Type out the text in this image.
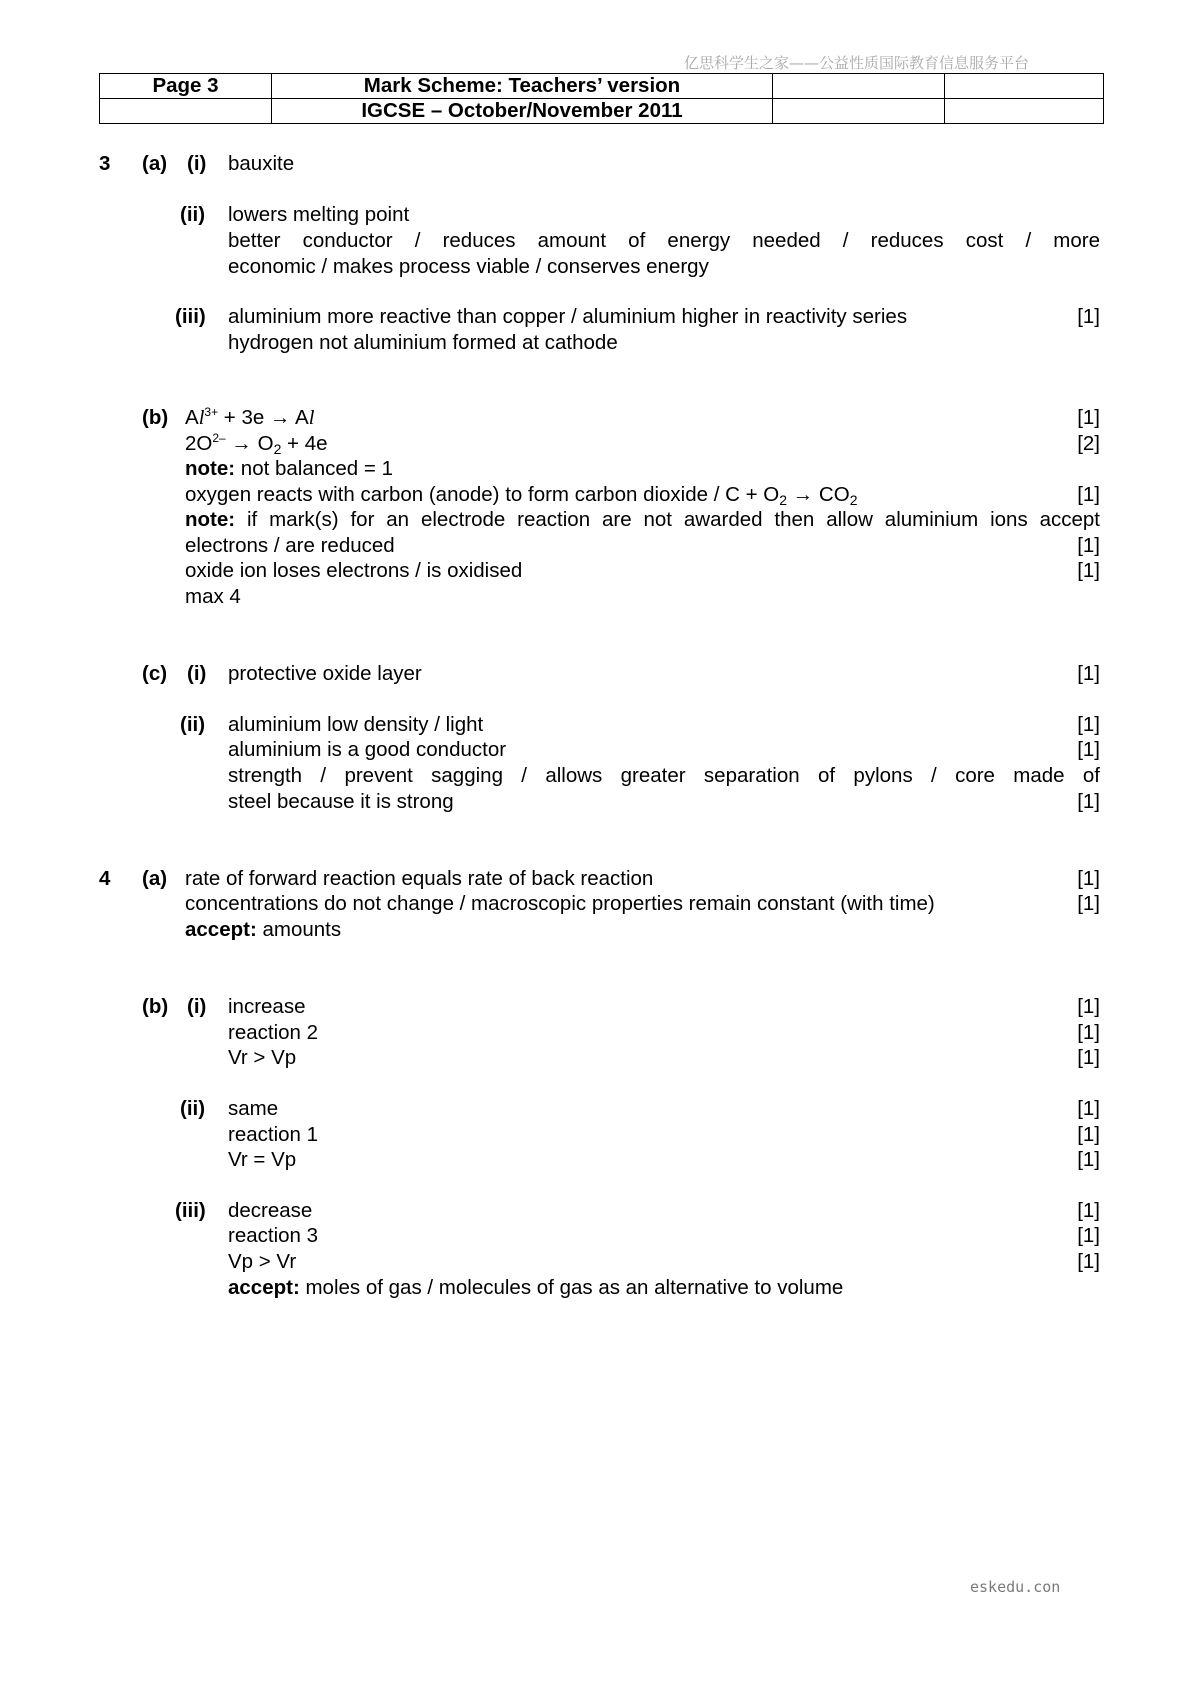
亿思科学生之家——公益性质国际教育信息服务平台
Page 3	Mark Scheme: Teachers’ version		
	IGCSE – October/November 2011		
3 (a) (i) bauxite
(ii) lowers melting point
better conductor / reduces amount of energy needed / reduces cost / more
economic / makes process viable / conserves energy
(iii) aluminium more reactive than copper / aluminium higher in reactivity series	[1]
hydrogen not aluminium formed at cathode
(b) $Al^{3+} + 3e \to Al$	[1]
$2O^{2-} \to O_2 + 4e$	[2]
note: not balanced = 1
oxygen reacts with carbon (anode) to form carbon dioxide / $C + O_2 \to CO_2$	[1]
note: if mark(s) for an electrode reaction are not awarded then allow aluminium ions accept
electrons / are reduced	[1]
oxide ion loses electrons / is oxidised	[1]
max 4
(c) (i) protective oxide layer	[1]
(ii) aluminium low density / light	[1]
aluminium is a good conductor	[1]
strength / prevent sagging / allows greater separation of pylons / core made of
steel because it is strong	[1]
4 (a) rate of forward reaction equals rate of back reaction	[1]
concentrations do not change / macroscopic properties remain constant (with time)	[1]
accept: amounts
(b) (i) increase	[1]
reaction 2	[1]
Vr > Vp	[1]
(ii) same	[1]
reaction 1	[1]
Vr = Vp	[1]
(iii) decrease	[1]
reaction 3	[1]
Vp > Vr	[1]
accept: moles of gas / molecules of gas as an alternative to volume
eskedu.con
